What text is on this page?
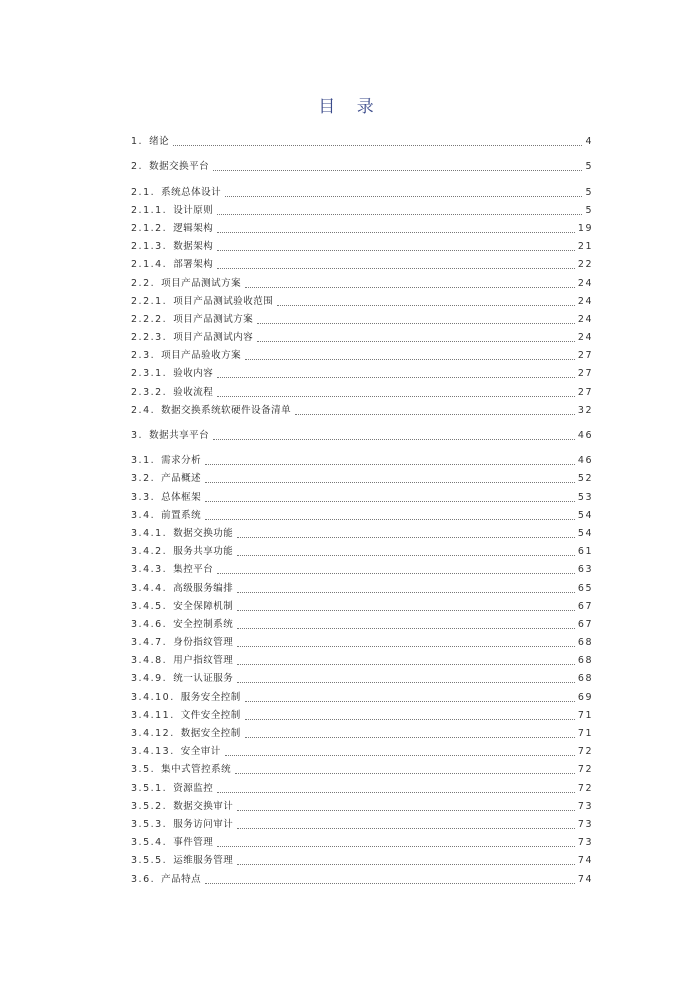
目 录
1. 绪论	4
2. 数据交换平台	5
2.1. 系统总体设计	5
2.1.1. 设计原则	5
2.1.2. 逻辑架构	19
2.1.3. 数据架构	21
2.1.4. 部署架构	22
2.2. 项目产品测试方案	24
2.2.1. 项目产品测试验收范围	24
2.2.2. 项目产品测试方案	24
2.2.3. 项目产品测试内容	24
2.3. 项目产品验收方案	27
2.3.1. 验收内容	27
2.3.2. 验收流程	27
2.4. 数据交换系统软硬件设备清单	32
3. 数据共享平台	46
3.1. 需求分析	46
3.2. 产品概述	52
3.3. 总体框架	53
3.4. 前置系统	54
3.4.1. 数据交换功能	54
3.4.2. 服务共享功能	61
3.4.3. 集控平台	63
3.4.4. 高级服务编排	65
3.4.5. 安全保障机制	67
3.4.6. 安全控制系统	67
3.4.7. 身份指纹管理	68
3.4.8. 用户指纹管理	68
3.4.9. 统一认证服务	68
3.4.10. 服务安全控制	69
3.4.11. 文件安全控制	71
3.4.12. 数据安全控制	71
3.4.13. 安全审计	72
3.5. 集中式管控系统	72
3.5.1. 资源监控	72
3.5.2. 数据交换审计	73
3.5.3. 服务访问审计	73
3.5.4. 事件管理	73
3.5.5. 运维服务管理	74
3.6. 产品特点	74
